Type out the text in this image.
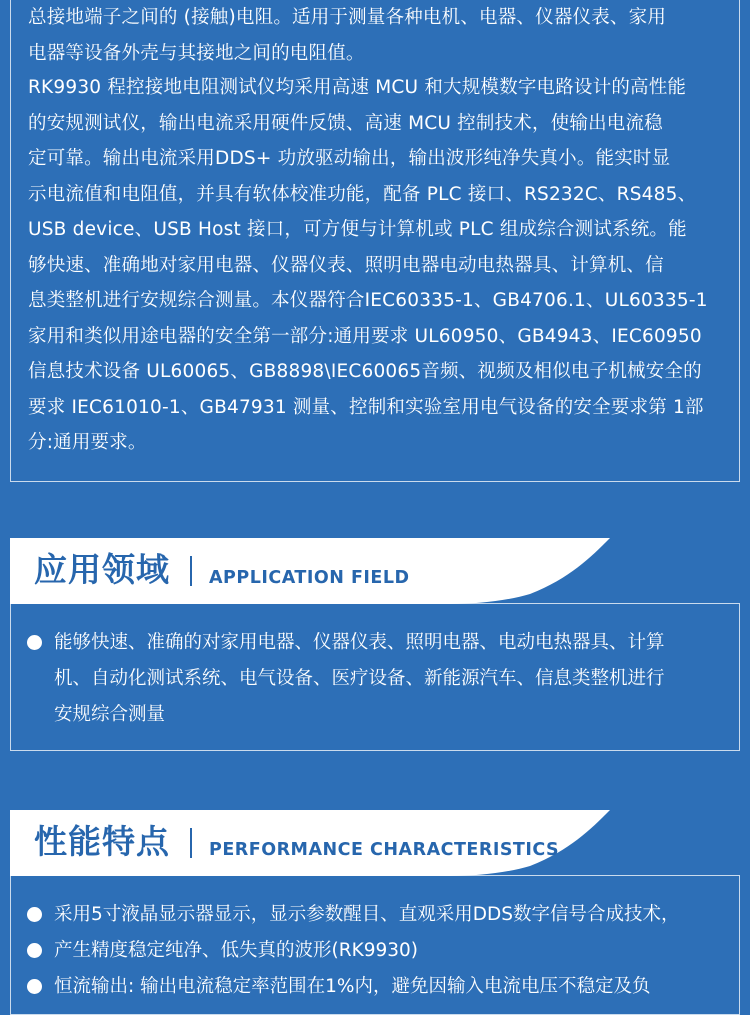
总接地端子之间的 (接触)电阻。适用于测量各种电机、电器、仪器仪表、家用
电器等设备外壳与其接地之间的电阻值。
RK9930 程控接地电阻测试仪均采用高速 MCU 和大规模数字电路设计的高性能
的安规测试仪，输出电流采用硬件反馈、高速 MCU 控制技术，使输出电流稳
定可靠。输出电流采用DDS+ 功放驱动输出，输出波形纯净失真小。能实时显
示电流值和电阻值，并具有软体校准功能，配备 PLC 接口、RS232C、RS485、
USB device、USB Host 接口，可方便与计算机或 PLC 组成综合测试系统。能
够快速、准确地对家用电器、仪器仪表、照明电器电动电热器具、计算机、信
息类整机进行安规综合测量。本仪器符合IEC60335-1、GB4706.1、UL60335-1
家用和类似用途电器的安全第一部分:通用要求 UL60950、GB4943、IEC60950
信息技术设备 UL60065、GB8898\IEC60065音频、视频及相似电子机械安全的
要求 IEC61010-1、GB47931 测量、控制和实验室用电气设备的安全要求第 1部
分:通用要求。
应用领域 APPLICATION FIELD
能够快速、准确的对家用电器、仪器仪表、照明电器、电动电热器具、计算
机、自动化测试系统、电气设备、医疗设备、新能源汽车、信息类整机进行
安规综合测量
性能特点 PERFORMANCE CHARACTERISTICS
采用5寸液晶显示器显示，显示参数醒目、直观采用DDS数字信号合成技术，
产生精度稳定纯净、低失真的波形(RK9930)
恒流输出: 输出电流稳定率范围在1%内，避免因输入电流电压不稳定及负
